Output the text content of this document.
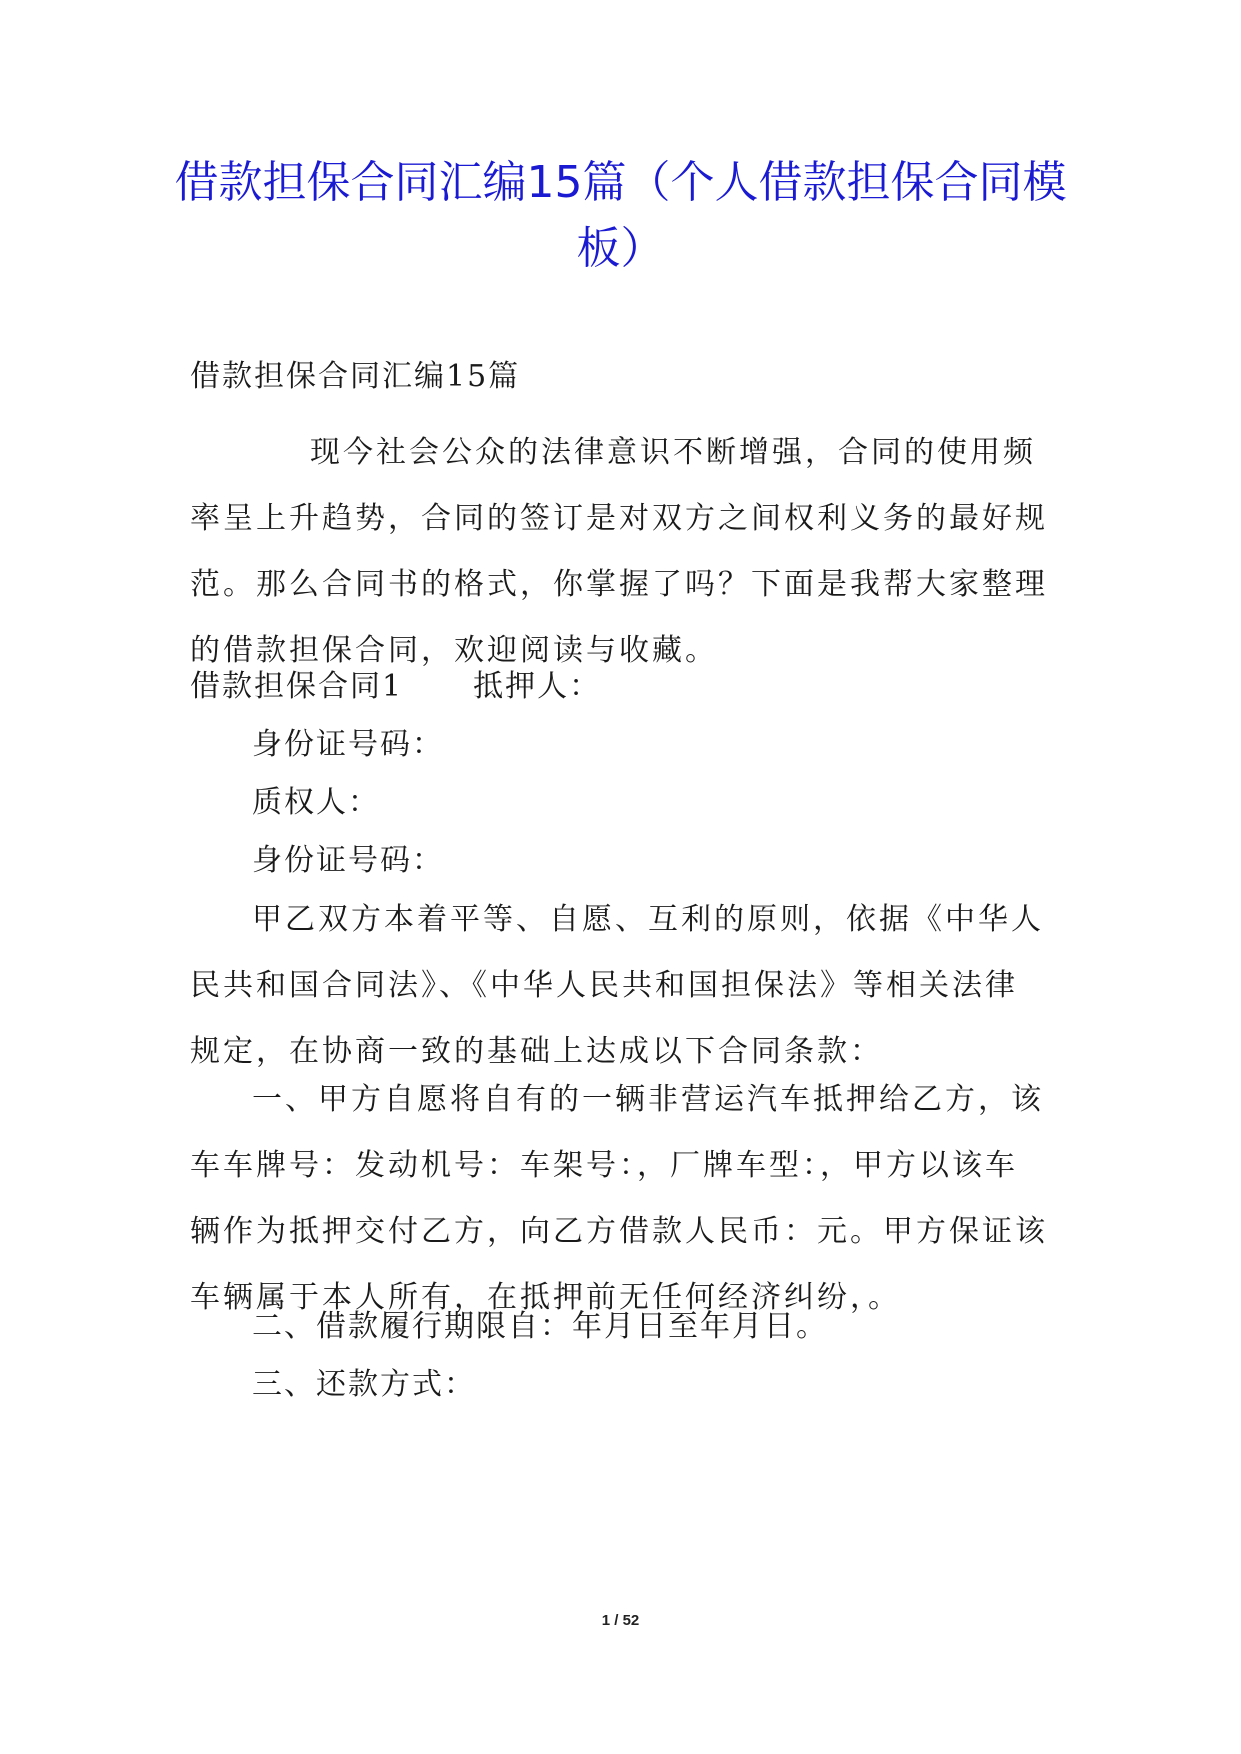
借款担保合同汇编15篇（个人借款担保合同模板）

借款担保合同汇编15篇

现今社会公众的法律意识不断增强，合同的使用频率呈上升趋势，合同的签订是对双方之间权利义务的最好规范。那么合同书的格式，你掌握了吗？下面是我帮大家整理的借款担保合同，欢迎阅读与收藏。

借款担保合同1 抵押人：

身份证号码：

质权人：

身份证号码：

甲乙双方本着平等、自愿、互利的原则，依据《中华人民共和国合同法》、《中华人民共和国担保法》等相关法律规定，在协商一致的基础上达成以下合同条款：

一、甲方自愿将自有的一辆非营运汽车抵押给乙方，该车车牌号：发动机号：车架号：，厂牌车型：，甲方以该车辆作为抵押交付乙方，向乙方借款人民币：元。甲方保证该车辆属于本人所有，在抵押前无任何经济纠纷，。

二、借款履行期限自：年月日至年月日。

三、还款方式：

1 / 52
